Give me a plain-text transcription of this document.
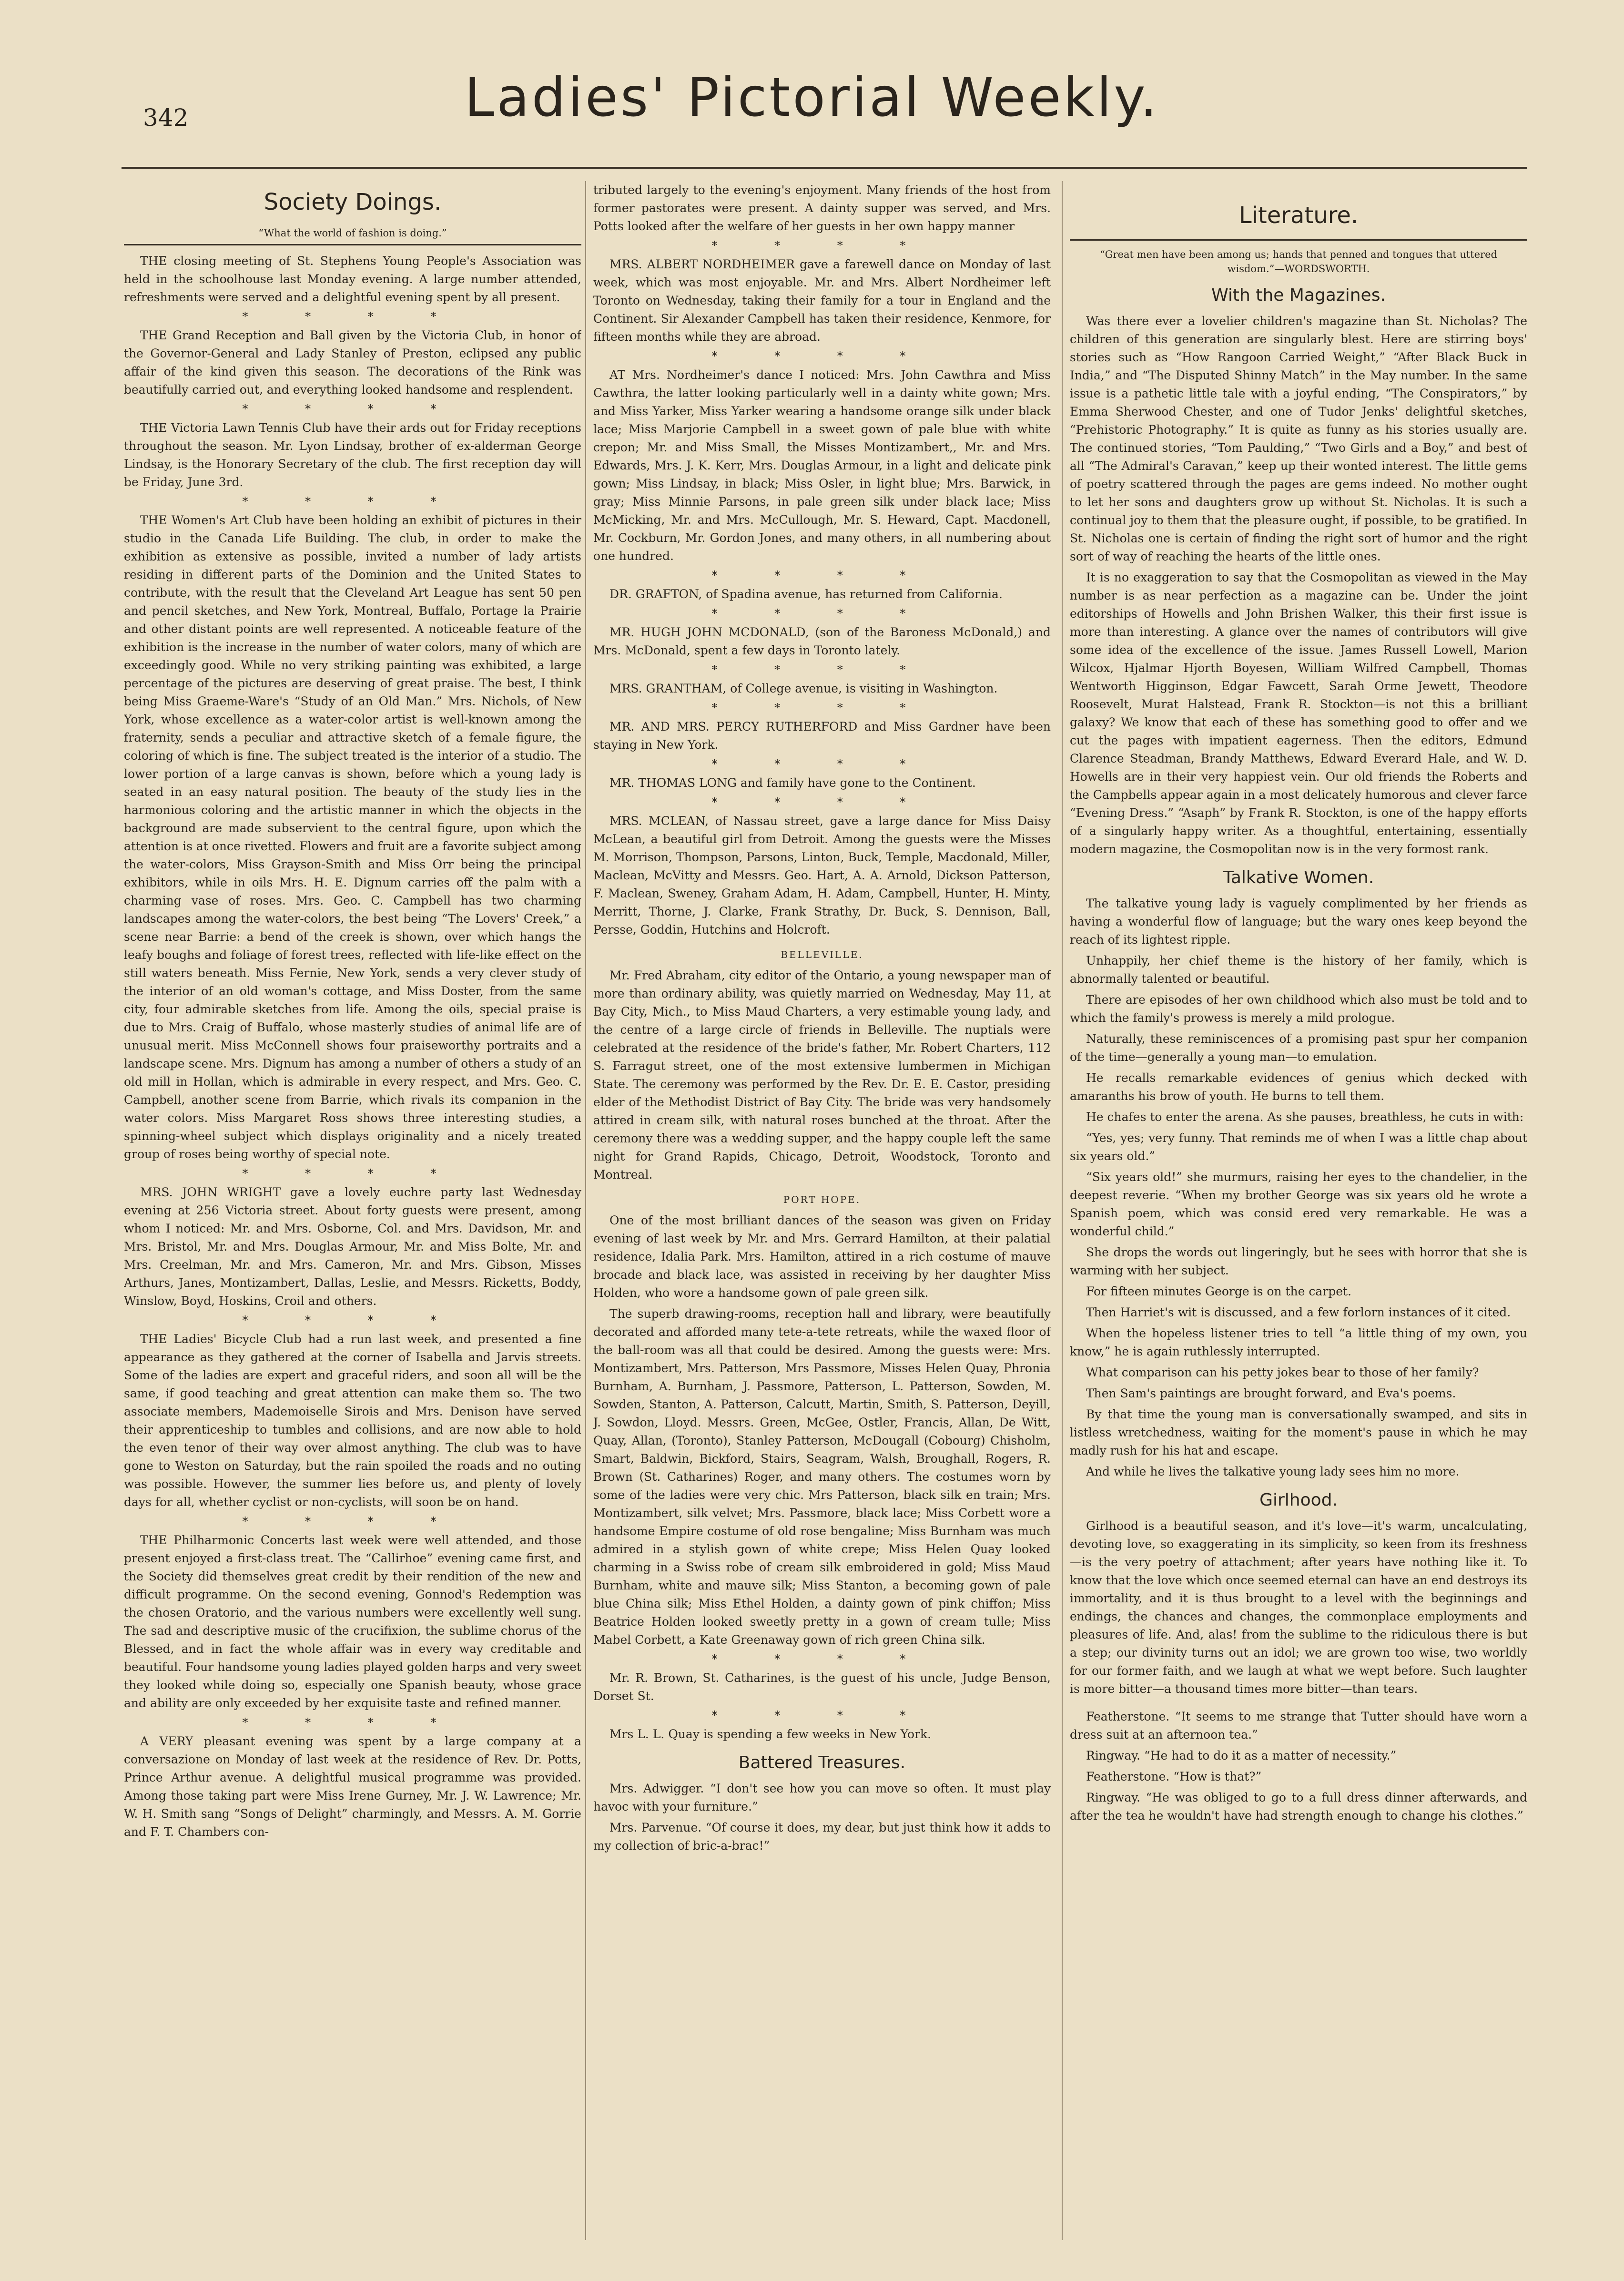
342	Ladies' Pictorial Weekly.
Society Doings.
“What the world of fashion is doing.”

THE closing meeting of St. Stephens Young People's Association was held in the schoolhouse last Monday evening. A large number attended, refreshments were served and a delightful evening spent by all present.

* * * *

THE Grand Reception and Ball given by the Victoria Club, in honor of the Governor-General and Lady Stanley of Preston, eclipsed any public affair of the kind given this season. The decorations of the Rink was beautifully carried out, and everything looked handsome and resplendent.

* * * *

THE Victoria Lawn Tennis Club have their ards out for Friday receptions throughout the season. Mr. Lyon Lindsay, brother of ex-alderman George Lindsay, is the Honorary Secretary of the club. The first reception day will be Friday, June 3rd.

* * * *

THE Women's Art Club have been holding an exhibit of pictures in their studio in the Canada Life Building. The club, in order to make the exhibition as extensive as possible, invited a number of lady artists residing in different parts of the Dominion and the United States to contribute, with the result that the Cleveland Art League has sent 50 pen and pencil sketches, and New York, Montreal, Buffalo, Portage la Prairie and other distant points are well represented. A noticeable feature of the exhibition is the increase in the number of water colors, many of which are exceedingly good. While no very striking painting was exhibited, a large percentage of the pictures are deserving of great praise. The best, I think being Miss Graeme-Ware's “Study of an Old Man.” Mrs. Nichols, of New York, whose excellence as a water-color artist is well-known among the fraternity, sends a peculiar and attractive sketch of a female figure, the coloring of which is fine. The subject treated is the interior of a studio. The lower portion of a large canvas is shown, before which a young lady is seated in an easy natural position. The beauty of the study lies in the harmonious coloring and the artistic manner in which the objects in the background are made subservient to the central figure, upon which the attention is at once rivetted. Flowers and fruit are a favorite subject among the water-colors, Miss Grayson-Smith and Miss Orr being the principal exhibitors, while in oils Mrs. H. E. Dignum carries off the palm with a charming vase of roses. Mrs. Geo. C. Campbell has two charming landscapes among the water-colors, the best being “The Lovers' Creek,” a scene near Barrie: a bend of the creek is shown, over which hangs the leafy boughs and foliage of forest trees, reflected with life-like effect on the still waters beneath. Miss Fernie, New York, sends a very clever study of the interior of an old woman's cottage, and Miss Doster, from the same city, four admirable sketches from life. Among the oils, special praise is due to Mrs. Craig of Buffalo, whose masterly studies of animal life are of unusual merit. Miss McConnell shows four praiseworthy portraits and a landscape scene. Mrs. Dignum has among a number of others a study of an old mill in Hollan, which is admirable in every respect, and Mrs. Geo. C. Campbell, another scene from Barrie, which rivals its companion in the water colors. Miss Margaret Ross shows three interesting studies, a spinning-wheel subject which displays originality and a nicely treated group of roses being worthy of special note.

* * * *

MRS. JOHN WRIGHT gave a lovely euchre party last Wednesday evening at 256 Victoria street. About forty guests were present, among whom I noticed: Mr. and Mrs. Osborne, Col. and Mrs. Davidson, Mr. and Mrs. Bristol, Mr. and Mrs. Douglas Armour, Mr. and Miss Bolte, Mr. and Mrs. Creelman, Mr. and Mrs. Cameron, Mr. and Mrs. Gibson, Misses Arthurs, Janes, Montizambert, Dallas, Leslie, and Messrs. Ricketts, Boddy, Winslow, Boyd, Hoskins, Croil and others.

* * * *

THE Ladies' Bicycle Club had a run last week, and presented a fine appearance as they gathered at the corner of Isabella and Jarvis streets. Some of the ladies are expert and graceful riders, and soon all will be the same, if good teaching and great attention can make them so. The two associate members, Mademoiselle Sirois and Mrs. Denison have served their apprenticeship to tumbles and collisions, and are now able to hold the even tenor of their way over almost anything. The club was to have gone to Weston on Saturday, but the rain spoiled the roads and no outing was possible. However, the summer lies before us, and plenty of lovely days for all, whether cyclist or non-cyclists, will soon be on hand.

* * * *

THE Philharmonic Concerts last week were well attended, and those present enjoyed a first-class treat. The “Callirhoe” evening came first, and the Society did themselves great credit by their rendition of the new and difficult programme. On the second evening, Gonnod's Redemption was the chosen Oratorio, and the various numbers were excellently well sung. The sad and descriptive music of the crucifixion, the sublime chorus of the Blessed, and in fact the whole affair was in every way creditable and beautiful. Four handsome young ladies played golden harps and very sweet they looked while doing so, especially one Spanish beauty, whose grace and ability are only exceeded by her exquisite taste and refined manner.

* * * *

A VERY pleasant evening was spent by a large company at a conversazione on Monday of last week at the residence of Rev. Dr. Potts, Prince Arthur avenue. A delightful musical programme was provided. Among those taking part were Miss Irene Gurney, Mr. J. W. Lawrence; Mr. W. H. Smith sang “Songs of Delight” charmingly, and Messrs. A. M. Gorrie and F. T. Chambers con-

tributed largely to the evening's enjoyment. Many friends of the host from former pastorates were present. A dainty supper was served, and Mrs. Potts looked after the welfare of her guests in her own happy manner

* * * *

MRS. ALBERT NORDHEIMER gave a farewell dance on Monday of last week, which was most enjoyable. Mr. and Mrs. Albert Nordheimer left Toronto on Wednesday, taking their family for a tour in England and the Continent. Sir Alexander Campbell has taken their residence, Kenmore, for fifteen months while they are abroad.

* * * *

AT Mrs. Nordheimer's dance I noticed: Mrs. John Cawthra and Miss Cawthra, the latter looking particularly well in a dainty white gown; Mrs. and Miss Yarker, Miss Yarker wearing a handsome orange silk under black lace; Miss Marjorie Campbell in a sweet gown of pale blue with white crepon; Mr. and Miss Small, the Misses Montizambert,, Mr. and Mrs. Edwards, Mrs. J. K. Kerr, Mrs. Douglas Armour, in a light and delicate pink gown; Miss Lindsay, in black; Miss Osler, in light blue; Mrs. Barwick, in gray; Miss Minnie Parsons, in pale green silk under black lace; Miss McMicking, Mr. and Mrs. McCullough, Mr. S. Heward, Capt. Macdonell, Mr. Cockburn, Mr. Gordon Jones, and many others, in all numbering about one hundred.

* * * *

DR. GRAFTON, of Spadina avenue, has returned from California.

* * * *

MR. HUGH JOHN MCDONALD, (son of the Baroness McDonald,) and Mrs. McDonald, spent a few days in Toronto lately.

* * * *

MRS. GRANTHAM, of College avenue, is visiting in Washington.

* * * *

MR. AND MRS. PERCY RUTHERFORD and Miss Gardner have been staying in New York.

* * * *

MR. THOMAS LONG and family have gone to the Continent.

* * * *

MRS. MCLEAN, of Nassau street, gave a large dance for Miss Daisy McLean, a beautiful girl from Detroit. Among the guests were the Misses M. Morrison, Thompson, Parsons, Linton, Buck, Temple, Macdonald, Miller, Maclean, McVitty and Messrs. Geo. Hart, A. A. Arnold, Dickson Patterson, F. Maclean, Sweney, Graham Adam, H. Adam, Campbell, Hunter, H. Minty, Merritt, Thorne, J. Clarke, Frank Strathy, Dr. Buck, S. Dennison, Ball, Persse, Goddin, Hutchins and Holcroft.

BELLEVILLE.

Mr. Fred Abraham, city editor of the Ontario, a young newspaper man of more than ordinary ability, was quietly married on Wednesday, May 11, at Bay City, Mich., to Miss Maud Charters, a very estimable young lady, and the centre of a large circle of friends in Belleville. The nuptials were celebrated at the residence of the bride's father, Mr. Robert Charters, 112 S. Farragut street, one of the most extensive lumbermen in Michigan State. The ceremony was performed by the Rev. Dr. E. E. Castor, presiding elder of the Methodist District of Bay City. The bride was very handsomely attired in cream silk, with natural roses bunched at the throat. After the ceremony there was a wedding supper, and the happy couple left the same night for Grand Rapids, Chicago, Detroit, Woodstock, Toronto and Montreal.

PORT HOPE.

One of the most brilliant dances of the season was given on Friday evening of last week by Mr. and Mrs. Gerrard Hamilton, at their palatial residence, Idalia Park. Mrs. Hamilton, attired in a rich costume of mauve brocade and black lace, was assisted in receiving by her daughter Miss Holden, who wore a handsome gown of pale green silk.

The superb drawing-rooms, reception hall and library, were beautifully decorated and afforded many tete-a-tete retreats, while the waxed floor of the ball-room was all that could be desired. Among the guests were: Mrs. Montizambert, Mrs. Patterson, Mrs Passmore, Misses Helen Quay, Phronia Burnham, A. Burnham, J. Passmore, Patterson, L. Patterson, Sowden, M. Sowden, Stanton, A. Patterson, Calcutt, Martin, Smith, S. Patterson, Deyill, J. Sowdon, Lloyd. Messrs. Green, McGee, Ostler, Francis, Allan, De Witt, Quay, Allan, (Toronto), Stanley Patterson, McDougall (Cobourg) Chisholm, Smart, Baldwin, Bickford, Stairs, Seagram, Walsh, Broughall, Rogers, R. Brown (St. Catharines) Roger, and many others. The costumes worn by some of the ladies were very chic. Mrs Patterson, black silk en train; Mrs. Montizambert, silk velvet; Mrs. Passmore, black lace; Miss Corbett wore a handsome Empire costume of old rose bengaline; Miss Burnham was much admired in a stylish gown of white crepe; Miss Helen Quay looked charming in a Swiss robe of cream silk embroidered in gold; Miss Maud Burnham, white and mauve silk; Miss Stanton, a becoming gown of pale blue China silk; Miss Ethel Holden, a dainty gown of pink chiffon; Miss Beatrice Holden looked sweetly pretty in a gown of cream tulle; Miss Mabel Corbett, a Kate Greenaway gown of rich green China silk.

* * * *

Mr. R. Brown, St. Catharines, is the guest of his uncle, Judge Benson, Dorset St.

* * * *

Mrs L. L. Quay is spending a few weeks in New York.

Battered Treasures.

Mrs. Adwigger. “I don't see how you can move so often. It must play havoc with your furniture.”

Mrs. Parvenue. “Of course it does, my dear, but just think how it adds to my collection of bric-a-brac!”

Literature.
“Great men have been among us; hands that penned and tongues that uttered wisdom.”—WORDSWORTH.
With the Magazines.

Was there ever a lovelier children's magazine than St. Nicholas? The children of this generation are singularly blest. Here are stirring boys' stories such as “How Rangoon Carried Weight,” “After Black Buck in India,” and “The Disputed Shinny Match” in the May number. In the same issue is a pathetic little tale with a joyful ending, “The Conspirators,” by Emma Sherwood Chester, and one of Tudor Jenks' delightful sketches, “Prehistoric Photography.” It is quite as funny as his stories usually are. The continued stories, “Tom Paulding,” “Two Girls and a Boy,” and best of all “The Admiral's Caravan,” keep up their wonted interest. The little gems of poetry scattered through the pages are gems indeed. No mother ought to let her sons and daughters grow up without St. Nicholas. It is such a continual joy to them that the pleasure ought, if possible, to be gratified. In St. Nicholas one is certain of finding the right sort of humor and the right sort of way of reaching the hearts of the little ones.

It is no exaggeration to say that the Cosmopolitan as viewed in the May number is as near perfection as a magazine can be. Under the joint editorships of Howells and John Brishen Walker, this their first issue is more than interesting. A glance over the names of contributors will give some idea of the excellence of the issue. James Russell Lowell, Marion Wilcox, Hjalmar Hjorth Boyesen, William Wilfred Campbell, Thomas Wentworth Higginson, Edgar Fawcett, Sarah Orme Jewett, Theodore Roosevelt, Murat Halstead, Frank R. Stockton—is not this a brilliant galaxy? We know that each of these has something good to offer and we cut the pages with impatient eagerness. Then the editors, Edmund Clarence Steadman, Brandy Matthews, Edward Everard Hale, and W. D. Howells are in their very happiest vein. Our old friends the Roberts and the Campbells appear again in a most delicately humorous and clever farce “Evening Dress.” “Asaph” by Frank R. Stockton, is one of the happy efforts of a singularly happy writer. As a thoughtful, entertaining, essentially modern magazine, the Cosmopolitan now is in the very formost rank.

Talkative Women.

The talkative young lady is vaguely complimented by her friends as having a wonderful flow of language; but the wary ones keep beyond the reach of its lightest ripple.

Unhappily, her chief theme is the history of her family, which is abnormally talented or beautiful.

There are episodes of her own childhood which also must be told and to which the family's prowess is merely a mild prologue.

Naturally, these reminiscences of a promising past spur her companion of the time—generally a young man—to emulation.

He recalls remarkable evidences of genius which decked with amaranths his brow of youth. He burns to tell them.

He chafes to enter the arena. As she pauses, breathless, he cuts in with:

“Yes, yes; very funny. That reminds me of when I was a little chap about six years old.”

“Six years old!” she murmurs, raising her eyes to the chandelier, in the deepest reverie. “When my brother George was six years old he wrote a Spanish poem, which was consid ered very remarkable. He was a wonderful child.”

She drops the words out lingeringly, but he sees with horror that she is warming with her subject.

For fifteen minutes George is on the carpet.

Then Harriet's wit is discussed, and a few forlorn instances of it cited.

When the hopeless listener tries to tell “a little thing of my own, you know,” he is again ruthlessly interrupted.

What comparison can his petty jokes bear to those of her family?

Then Sam's paintings are brought forward, and Eva's poems.

By that time the young man is conversationally swamped, and sits in listless wretchedness, waiting for the moment's pause in which he may madly rush for his hat and escape.

And while he lives the talkative young lady sees him no more.

Girlhood.

Girlhood is a beautiful season, and it's love—it's warm, uncalculating, devoting love, so exaggerating in its simplicity, so keen from its freshness—is the very poetry of attachment; after years have nothing like it. To know that the love which once seemed eternal can have an end destroys its immortality, and it is thus brought to a level with the beginnings and endings, the chances and changes, the commonplace employments and pleasures of life. And, alas! from the sublime to the ridiculous there is but a step; our divinity turns out an idol; we are grown too wise, two worldly for our former faith, and we laugh at what we wept before. Such laughter is more bitter—a thousand times more bitter—than tears.

Featherstone. “It seems to me strange that Tutter should have worn a dress suit at an afternoon tea.”

Ringway. “He had to do it as a matter of necessity.”

Featherstone. “How is that?”

Ringway. “He was obliged to go to a full dress dinner afterwards, and after the tea he wouldn't have had strength enough to change his clothes.”
